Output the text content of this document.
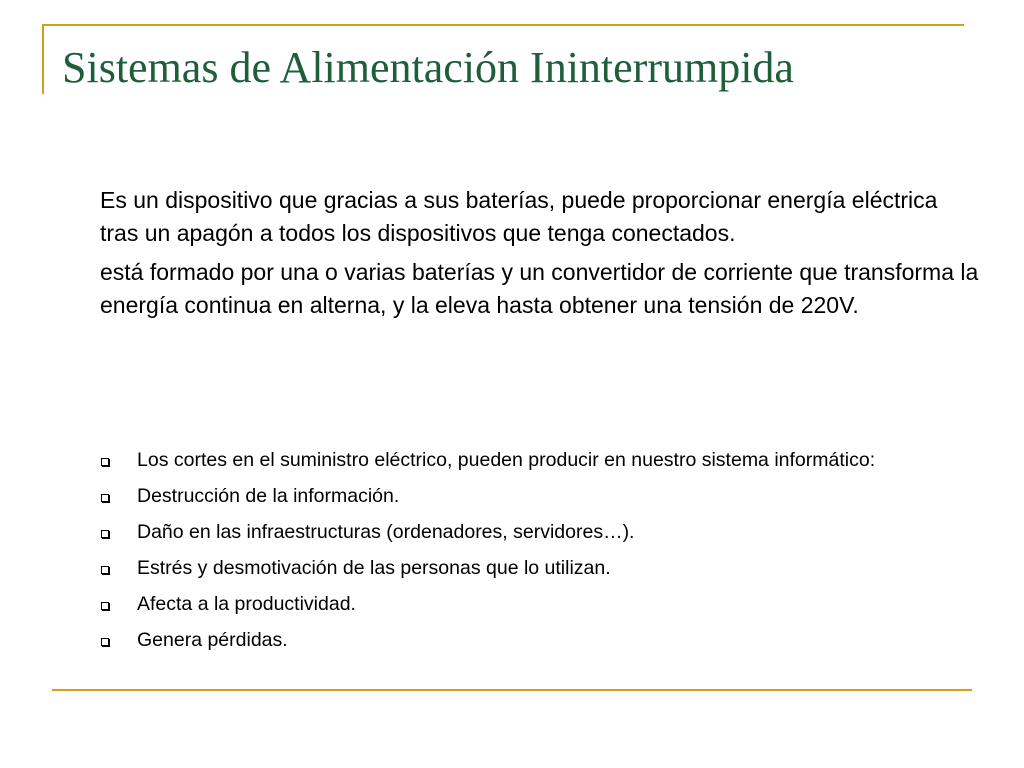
Sistemas de Alimentación Ininterrumpida

Es un dispositivo que gracias a sus baterías, puede proporcionar energía eléctrica tras un apagón a todos los dispositivos que tenga conectados.

está formado por una o varias baterías y un convertidor de corriente que transforma la energía continua en alterna, y la eleva hasta obtener una tensión de 220V.

Los cortes en el suministro eléctrico, pueden producir en nuestro sistema informático:
Destrucción de la información.
Daño en las infraestructuras (ordenadores, servidores…).
Estrés y desmotivación de las personas que lo utilizan.
Afecta a la productividad.
Genera pérdidas.
